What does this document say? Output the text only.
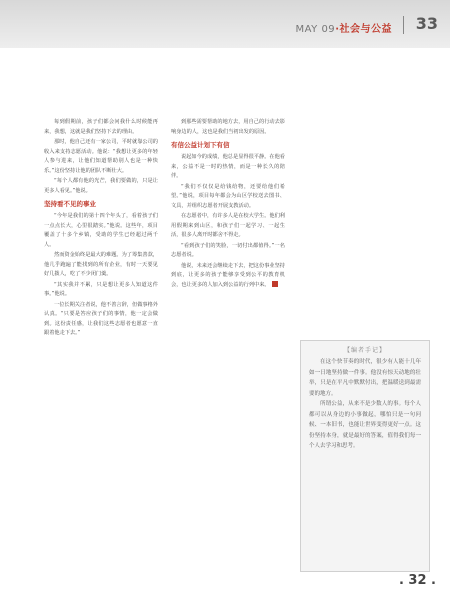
MAY 09·社会与公益 33

每到假期前，孩子们都会问我什么时候能再来，我想，这就是我们坚持下去的理由。

那时，他自己还有一家公司，平时就靠公司的收入来支持志愿活动。他说：“我想让更多的年轻人参与进来，让他们知道帮助别人也是一种快乐。”这份坚持让他的团队不断壮大。

“每个人都有他的光芒，我们要做的，只是让更多人看见。”他说。

坚持看不见的事业

“今年是我们的第十四个年头了，看着孩子们一点点长大，心里很踏实。”他说。这些年，项目覆盖了十多个乡镇，受助的学生已经超过两千人。

然而资金始终是最大的难题。为了筹集善款，他几乎跑遍了能找到的所有企业，有时一天要见好几拨人，吃了不少闭门羹。

“其实我并不累，只是想让更多人知道这件事。”他说。

一位长期关注者说，他不善言辞，但做事格外认真。“只要是答应孩子们的事情，他一定会做到。这份责任感，让我们这些志愿者也愿意一直跟着他走下去。”

到那些需要帮助的地方去，用自己的行动去影响身边的人，这也是我们当初出发的原因。

有信公益计划下有信

说起如今的成绩，他总是显得很平静。在他看来，公益不是一时的热情，而是一种长久的陪伴。

“我们不仅仅是给钱给物，还要给他们希望。”他说，项目每年都会为山区学校送去图书、文具，并组织志愿者开展支教活动。

在志愿者中，有许多人是在校大学生。他们利用假期来到山区，和孩子们一起学习、一起生活，很多人离开时都舍不得走。

“看到孩子们的笑脸，一切付出都值得。”一名志愿者说。

他说，未来还会继续走下去，把这份事业坚持到底，让更多的孩子能够享受到公平的教育机会，也让更多的人加入到公益的行列中来。

【编者手记】

在这个快节奏的时代，很少有人能十几年如一日地坚持做一件事。他没有惊天动地的壮举，只是在平凡中默默付出，把温暖送到最需要的地方。

所谓公益，从来不是少数人的事。每个人都可以从身边的小事做起，哪怕只是一句问候、一本旧书，也能让世界变得更好一点。这份坚持本身，就是最好的答案，值得我们每一个人去学习和思考。

. 32 .
